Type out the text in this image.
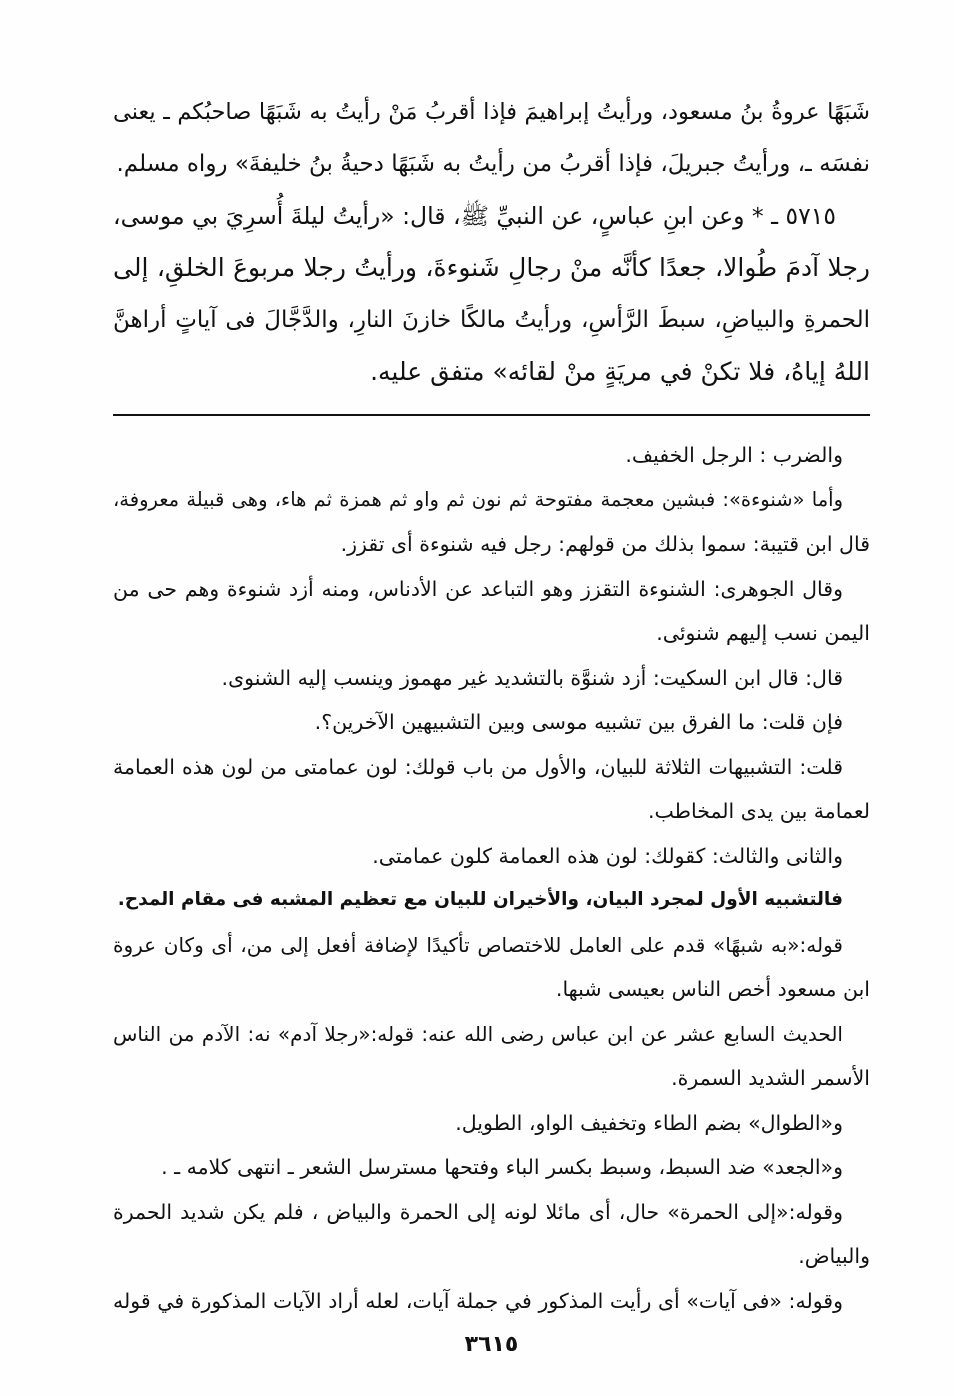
شَبَهًا عروةُ بنُ مسعود، ورأيتُ إبراهيمَ فإذا أقربُ مَنْ رأيتُ به شَبَهًا صاحبُكم ـ يعنى
نفسَه ـ، ورأيتُ جبريلَ، فإذا أقربُ من رأيتُ به شَبَهًا دحيةُ بنُ خليفةَ» رواه مسلم.
٥٧١٥ ـ * وعن ابنِ عباسٍ، عن النبيِّ ﷺ، قال: «رأيتُ ليلةَ أُسرِيَ بي موسى،
رجلا آدمَ طُوالا، جعدًا كأنَّه منْ رجالِ شَنوءةَ، ورأيتُ رجلا مربوعَ الخلقِ، إلى
الحمرةِ والبياضِ، سبطَ الرَّأسِ، ورأيتُ مالكًا خازنَ النارِ، والدَّجَّالَ فى آياتٍ أراهنَّ
اللهُ إياهُ، فلا تكنْ في مريَةٍ منْ لقائه» متفق عليه.
والضرب : الرجل الخفيف.
وأما «شنوءة»: فبشين معجمة مفتوحة ثم نون ثم واو ثم همزة ثم هاء، وهى قبيلة معروفة،
قال ابن قتيبة: سموا بذلك من قولهم: رجل فيه شنوءة أى تقزز.
وقال الجوهرى: الشنوءة التقزز وهو التباعد عن الأدناس، ومنه أزد شنوءة وهم حى من
اليمن نسب إليهم شنوئى.
قال: قال ابن السكيت: أزد شنوَّة بالتشديد غير مهموز وينسب إليه الشنوى.
فإن قلت: ما الفرق بين تشبيه موسى وبين التشبيهين الآخرين؟.
قلت: التشبيهات الثلاثة للبيان، والأول من باب قولك: لون عمامتى من لون هذه العمامة
لعمامة بين يدى المخاطب.
والثانى والثالث: كقولك: لون هذه العمامة كلون عمامتى.
فالتشبيه الأول لمجرد البيان، والأخيران للبيان مع تعظيم المشبه فى مقام المدح.
قوله:«به شبهًا» قدم على العامل للاختصاص تأكيدًا لإضافة أفعل إلى من، أى وكان عروة
ابن مسعود أخص الناس بعيسى شبها.
الحديث السابع عشر عن ابن عباس رضى الله عنه: قوله:«رجلا آدم» نه: الآدم من الناس
الأسمر الشديد السمرة.
و«الطوال» بضم الطاء وتخفيف الواو، الطويل.
و«الجعد» ضد السبط، وسبط بكسر الباء وفتحها مسترسل الشعر ـ انتهى كلامه ـ .
وقوله:«إلى الحمرة» حال، أى مائلا لونه إلى الحمرة والبياض ، فلم يكن شديد الحمرة
والبياض.
وقوله: «فى آيات» أى رأيت المذكور في جملة آيات، لعله أراد الآيات المذكورة في قوله
٣٦١٥
